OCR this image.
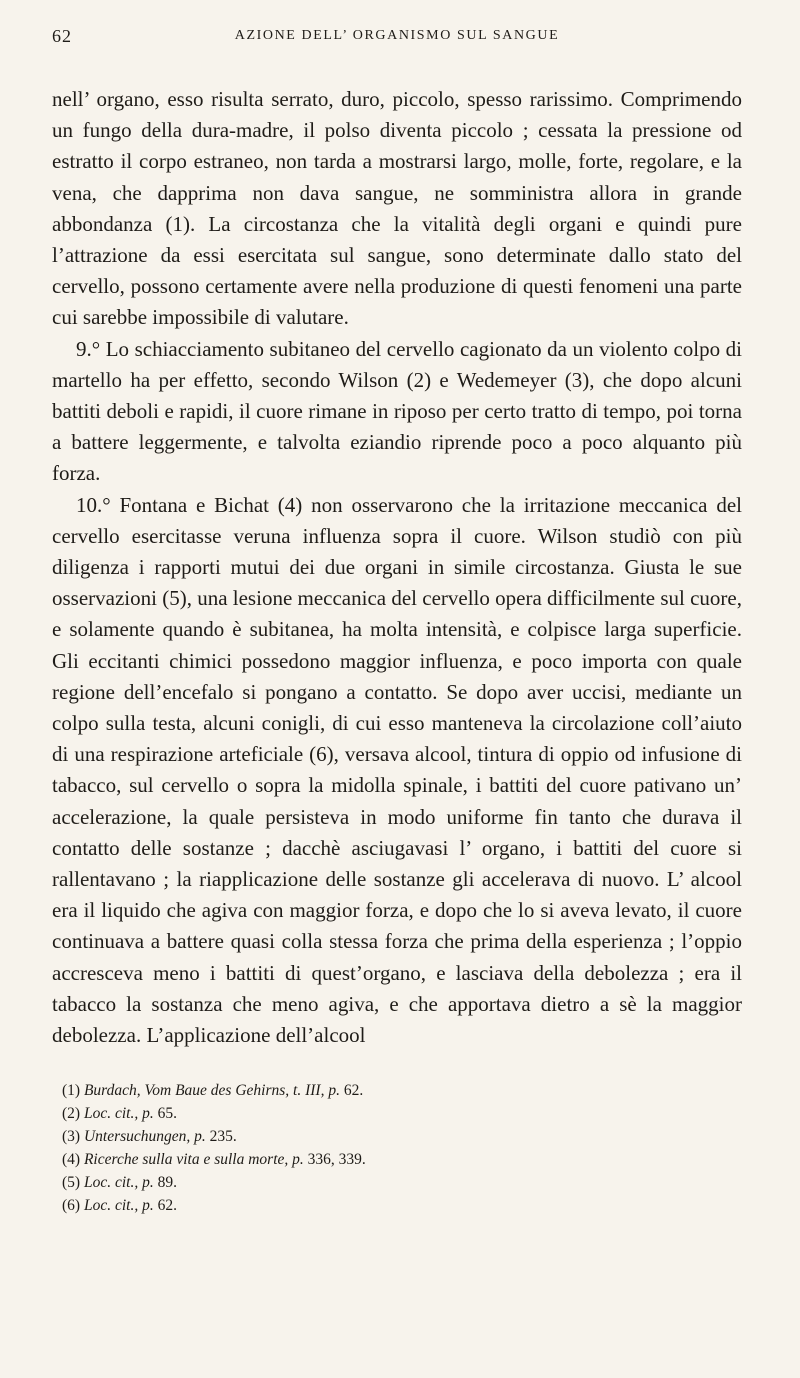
62	AZIONE DELL’ ORGANISMO SUL SANGUE

nell’ organo, esso risulta serrato, duro, piccolo, spesso rarissimo. Comprimendo un fungo della dura-madre, il polso diventa piccolo ; cessata la pressione od estratto il corpo estraneo, non tarda a mostrarsi largo, molle, forte, regolare, e la vena, che dapprima non dava sangue, ne somministra allora in grande abbondanza (1). La circostanza che la vitalità degli organi e quindi pure l’attrazione da essi esercitata sul sangue, sono determinate dallo stato del cervello, possono certamente avere nella produzione di questi fenomeni una parte cui sarebbe impossibile di valutare.

9.° Lo schiacciamento subitaneo del cervello cagionato da un violento colpo di martello ha per effetto, secondo Wilson (2) e Wedemeyer (3), che dopo alcuni battiti deboli e rapidi, il cuore rimane in riposo per certo tratto di tempo, poi torna a battere leggermente, e talvolta eziandio riprende poco a poco alquanto più forza.

10.° Fontana e Bichat (4) non osservarono che la irritazione meccanica del cervello esercitasse veruna influenza sopra il cuore. Wilson studiò con più diligenza i rapporti mutui dei due organi in simile circostanza. Giusta le sue osservazioni (5), una lesione meccanica del cervello opera difficilmente sul cuore, e solamente quando è subitanea, ha molta intensità, e colpisce larga superficie. Gli eccitanti chimici possedono maggior influenza, e poco importa con quale regione dell’encefalo si pongano a contatto. Se dopo aver uccisi, mediante un colpo sulla testa, alcuni conigli, di cui esso manteneva la circolazione coll’aiuto di una respirazione arteficiale (6), versava alcool, tintura di oppio od infusione di tabacco, sul cervello o sopra la midolla spinale, i battiti del cuore pativano un’ accelerazione, la quale persisteva in modo uniforme fin tanto che durava il contatto delle sostanze ; dacchè asciugavasi l’ organo, i battiti del cuore si rallentavano ; la riapplicazione delle sostanze gli accelerava di nuovo. L’ alcool era il liquido che agiva con maggior forza, e dopo che lo si aveva levato, il cuore continuava a battere quasi colla stessa forza che prima della esperienza ; l’oppio accresceva meno i battiti di quest’organo, e lasciava della debolezza ; era il tabacco la sostanza che meno agiva, e che apportava dietro a sè la maggior debolezza. L’applicazione dell’alcool

(1) Burdach, Vom Baue des Gehirns, t. III, p. 62.

(2) Loc. cit., p. 65.

(3) Untersuchungen, p. 235.

(4) Ricerche sulla vita e sulla morte, p. 336, 339.

(5) Loc. cit., p. 89.

(6) Loc. cit., p. 62.
